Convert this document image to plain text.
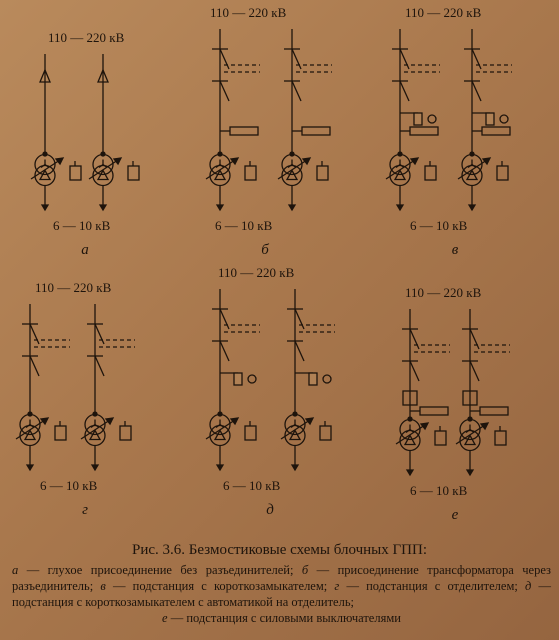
110 — 220 кВ
6 — 10 кВ
а
110 — 220 кВ
6 — 10 кВ
б
110 — 220 кВ
6 — 10 кВ
в
110 — 220 кВ
6 — 10 кВ
г
110 — 220 кВ
6 — 10 кВ
д
110 — 220 кВ
6 — 10 кВ
е
Рис. 3.6. Безмостиковые схемы блочных ГПП:
а — глухое присоединение без разъединителей; б — присоединение трансформатора через разъединитель; в — подстанция с короткозамыкателем; г — подстанция с отделителем; д — подстанция с короткозамыкателем с автоматикой на отделитель;
е — подстанция с силовыми выключателями
